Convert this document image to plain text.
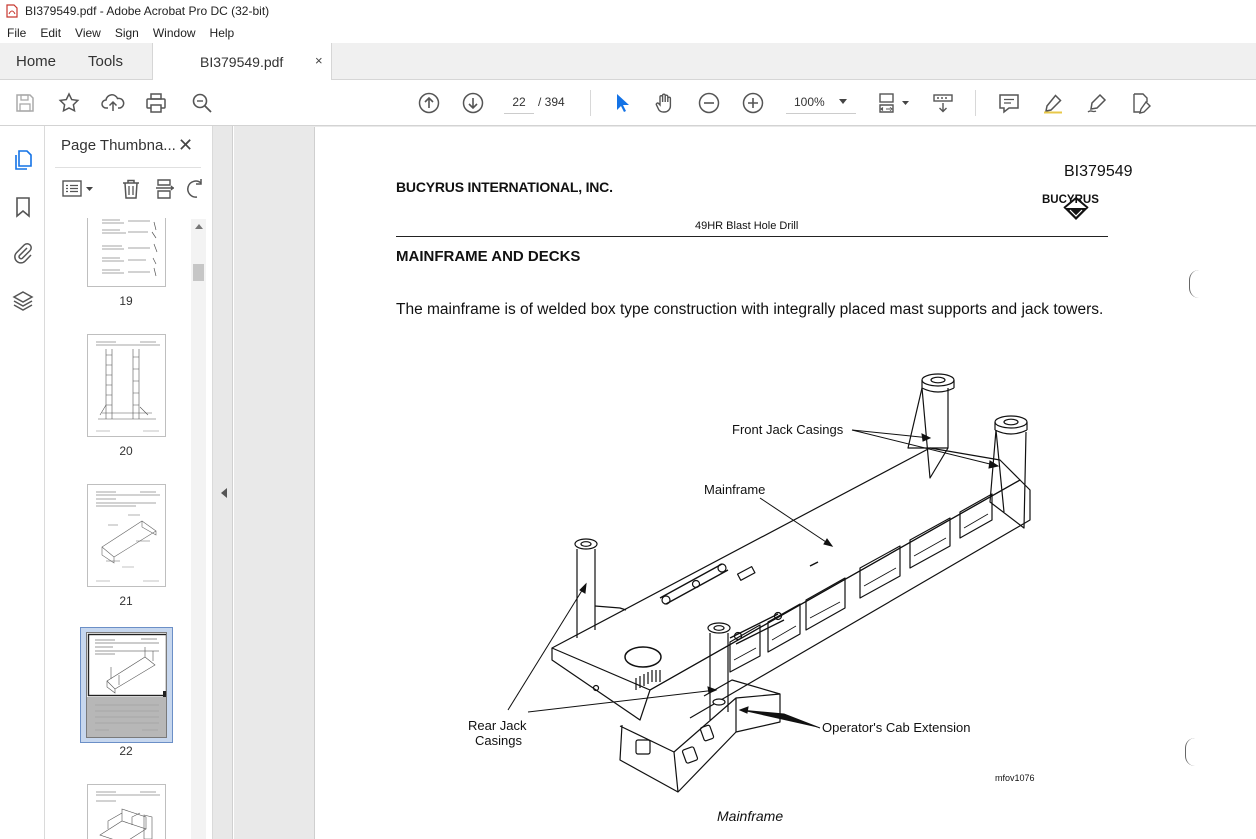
BI379549.pdf - Adobe Acrobat Pro DC (32-bit)
File	Edit	View	Sign	Window	Help
Home Tools	BI379549.pdf ×
22	/ 394	100%
Page Thumbna... ✕
19
20
21
22
BUCYRUS INTERNATIONAL, INC.
BI379549
BUCYRUS
49HR Blast Hole Drill
MAINFRAME AND DECKS
The mainframe is of welded box type construction with integrally placed mast supports and jack towers.
Front Jack Casings
Mainframe
Rear Jack
Casings
Operator's Cab Extension
mfov1076
Mainframe
